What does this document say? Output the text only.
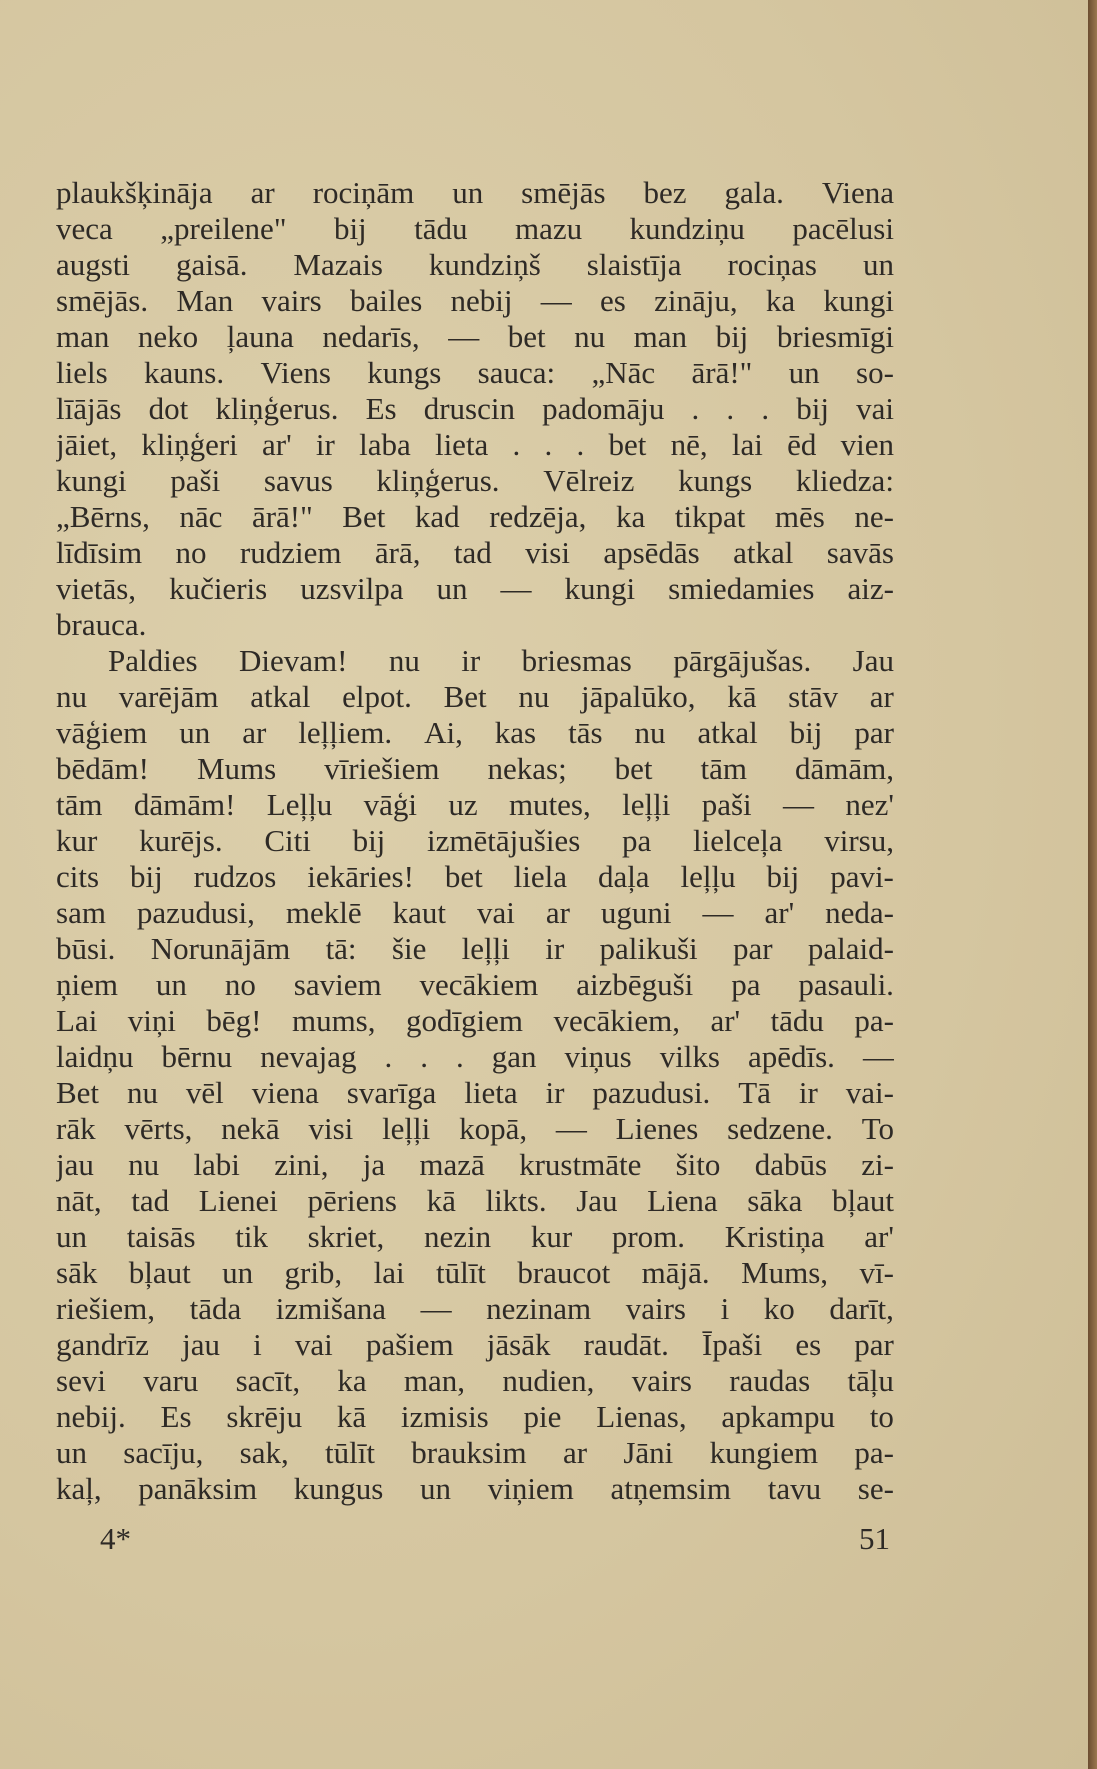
plaukšķināja ar rociņām un smējās bez gala. Viena
veca „preilene" bij tādu mazu kundziņu pacēlusi
augsti gaisā. Mazais kundziņš slaistīja rociņas un
smējās. Man vairs bailes nebij — es zināju, ka kungi
man neko ļauna nedarīs, — bet nu man bij briesmīgi
liels kauns. Viens kungs sauca: „Nāc ārā!" un so-
līājās dot kliņģerus. Es druscin padomāju . . . bij vai
jāiet, kliņģeri ar' ir laba lieta . . . bet nē, lai ēd vien
kungi paši savus kliņģerus. Vēlreiz kungs kliedza:
„Bērns, nāc ārā!" Bet kad redzēja, ka tikpat mēs ne-
līdīsim no rudziem ārā, tad visi apsēdās atkal savās
vietās, kučieris uzsvilpa un — kungi smiedamies aiz-
brauca.
Paldies Dievam! nu ir briesmas pārgājušas. Jau
nu varējām atkal elpot. Bet nu jāpalūko, kā stāv ar
vāģiem un ar leļļiem. Ai, kas tās nu atkal bij par
bēdām! Mums vīriešiem nekas; bet tām dāmām,
tām dāmām! Leļļu vāģi uz mutes, leļļi paši — nez'
kur kurējs. Citi bij izmētājušies pa lielceļa virsu,
cits bij rudzos iekāries! bet liela daļa leļļu bij pavi-
sam pazudusi, meklē kaut vai ar uguni — ar' neda-
būsi. Norunājām tā: šie leļļi ir palikuši par palaid-
ņiem un no saviem vecākiem aizbēguši pa pasauli.
Lai viņi bēg! mums, godīgiem vecākiem, ar' tādu pa-
laidņu bērnu nevajag . . . gan viņus vilks apēdīs. —
Bet nu vēl viena svarīga lieta ir pazudusi. Tā ir vai-
rāk vērts, nekā visi leļļi kopā, — Lienes sedzene. To
jau nu labi zini, ja mazā krustmāte šito dabūs zi-
nāt, tad Lienei pēriens kā likts. Jau Liena sāka bļaut
un taisās tik skriet, nezin kur prom. Kristiņa ar'
sāk bļaut un grib, lai tūlīt braucot mājā. Mums, vī-
riešiem, tāda izmišana — nezinam vairs i ko darīt,
gandrīz jau i vai pašiem jāsāk raudāt. Īpaši es par
sevi varu sacīt, ka man, nudien, vairs raudas tāļu
nebij. Es skrēju kā izmisis pie Lienas, apkampu to
un sacīju, sak, tūlīt brauksim ar Jāni kungiem pa-
kaļ, panāksim kungus un viņiem atņemsim tavu se-
4*	51
